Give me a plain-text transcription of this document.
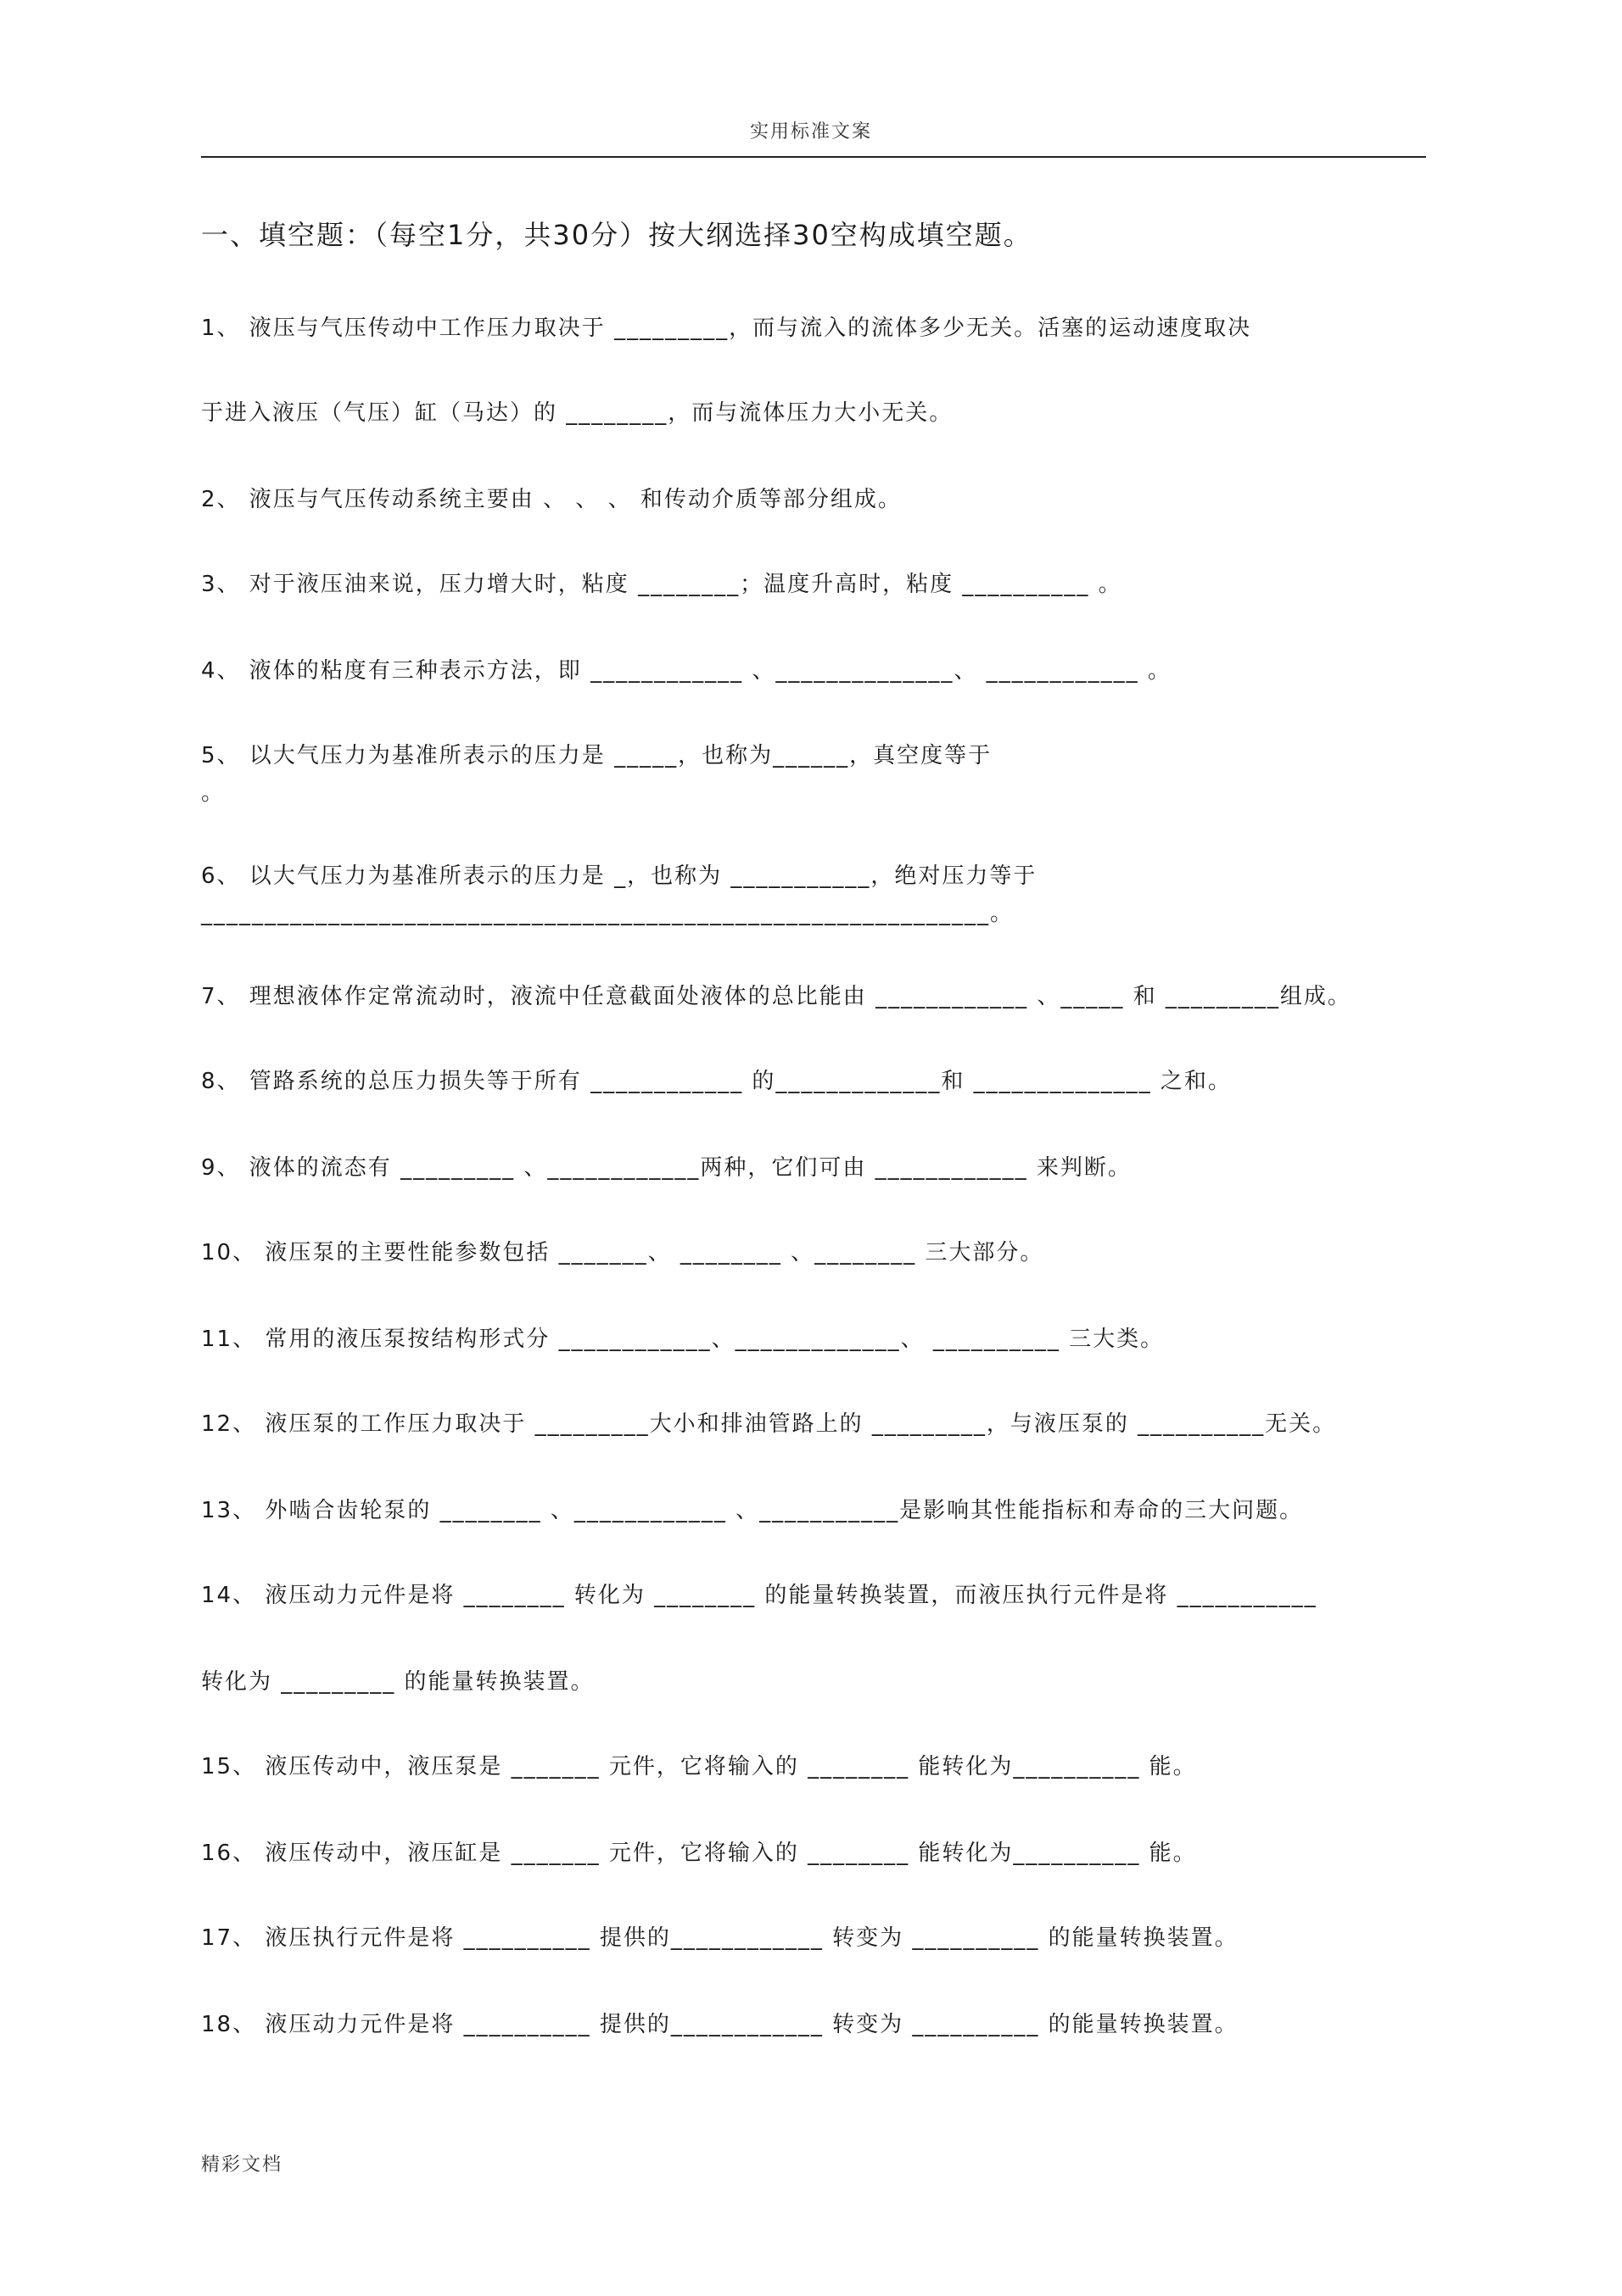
实用标准文案
一、填空题：（每空1分，共30分）按大纲选择30空构成填空题。
1、 液压与气压传动中工作压力取决于 _________，而与流入的流体多少无关。活塞的运动速度取决
于进入液压（气压）缸（马达）的 ________，而与流体压力大小无关。
2、 液压与气压传动系统主要由 、 、 、 和传动介质等部分组成。
3、 对于液压油来说，压力增大时，粘度 ________；温度升高时，粘度 __________ 。
4、 液体的粘度有三种表示方法，即 ____________ 、______________、 ____________ 。
5、 以大气压力为基准所表示的压力是 _____，也称为______，真空度等于
。
6、 以大气压力为基准所表示的压力是 _，也称为 ___________，绝对压力等于
______________________________________________________________。
7、 理想液体作定常流动时，液流中任意截面处液体的总比能由 ____________ 、_____ 和 _________组成。
8、 管路系统的总压力损失等于所有 ____________ 的_____________和 ______________ 之和。
9、 液体的流态有 _________ 、____________两种，它们可由 ____________ 来判断。
10、 液压泵的主要性能参数包括 _______、 ________ 、________ 三大部分。
11、 常用的液压泵按结构形式分 ____________、_____________、 __________ 三大类。
12、 液压泵的工作压力取决于 _________大小和排油管路上的 _________，与液压泵的 __________无关。
13、 外啮合齿轮泵的 ________ 、____________ 、___________是影响其性能指标和寿命的三大问题。
14、 液压动力元件是将 ________ 转化为 ________ 的能量转换装置，而液压执行元件是将 ___________
转化为 _________ 的能量转换装置。
15、 液压传动中，液压泵是 _______ 元件，它将输入的 ________ 能转化为__________ 能。
16、 液压传动中，液压缸是 _______ 元件，它将输入的 ________ 能转化为__________ 能。
17、 液压执行元件是将 __________ 提供的____________ 转变为 __________ 的能量转换装置。
18、 液压动力元件是将 __________ 提供的____________ 转变为 __________ 的能量转换装置。
精彩文档
